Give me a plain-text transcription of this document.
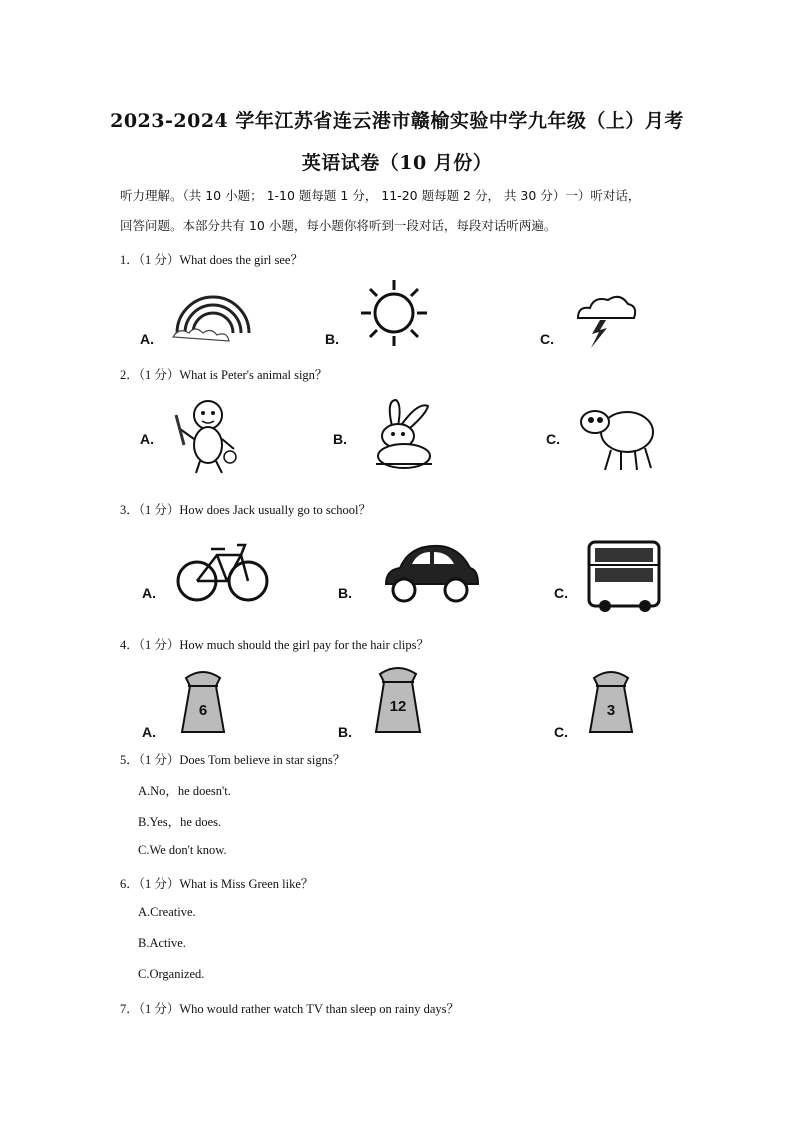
2023-2024 学年江苏省连云港市赣榆实验中学九年级（上）月考
英语试卷（10 月份）
听力理解。（共 10 小题； 1-10 题每题 1 分， 11-20 题每题 2 分， 共 30 分）一）听对话，
回答问题。本部分共有 10 小题，每小题你将听到一段对话，每段对话听两遍。
1．（1 分）What does the girl see？
A.	B.	C.
2．（1 分）What is Peter's animal sign？
A.	B.	C.
3．（1 分）How does Jack usually go to school？
A.	B.	C.
4．（1 分）How much should the girl pay for the hair clips？
A.
6
B.
12
C.
3
5．（1 分）Does Tom believe in star signs？
A.No，he doesn't.
B.Yes，he does.
C.We don't know.
6．（1 分）What is Miss Green like？
A.Creative.
B.Active.
C.Organized.
7．（1 分）Who would rather watch TV than sleep on rainy days？
